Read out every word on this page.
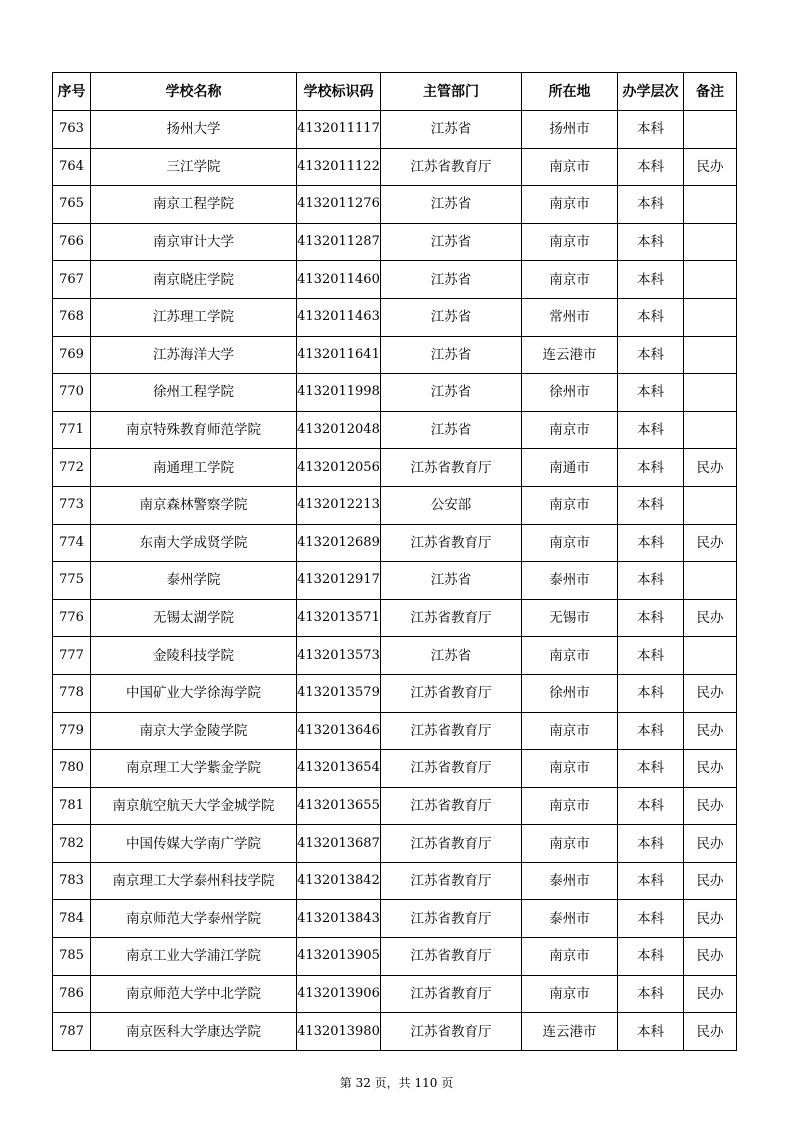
序号	学校名称	学校标识码	主管部门	所在地	办学层次	备注
763	扬州大学	4132011117	江苏省	扬州市	本科	
764	三江学院	4132011122	江苏省教育厅	南京市	本科	民办
765	南京工程学院	4132011276	江苏省	南京市	本科	
766	南京审计大学	4132011287	江苏省	南京市	本科	
767	南京晓庄学院	4132011460	江苏省	南京市	本科	
768	江苏理工学院	4132011463	江苏省	常州市	本科	
769	江苏海洋大学	4132011641	江苏省	连云港市	本科	
770	徐州工程学院	4132011998	江苏省	徐州市	本科	
771	南京特殊教育师范学院	4132012048	江苏省	南京市	本科	
772	南通理工学院	4132012056	江苏省教育厅	南通市	本科	民办
773	南京森林警察学院	4132012213	公安部	南京市	本科	
774	东南大学成贤学院	4132012689	江苏省教育厅	南京市	本科	民办
775	泰州学院	4132012917	江苏省	泰州市	本科	
776	无锡太湖学院	4132013571	江苏省教育厅	无锡市	本科	民办
777	金陵科技学院	4132013573	江苏省	南京市	本科	
778	中国矿业大学徐海学院	4132013579	江苏省教育厅	徐州市	本科	民办
779	南京大学金陵学院	4132013646	江苏省教育厅	南京市	本科	民办
780	南京理工大学紫金学院	4132013654	江苏省教育厅	南京市	本科	民办
781	南京航空航天大学金城学院	4132013655	江苏省教育厅	南京市	本科	民办
782	中国传媒大学南广学院	4132013687	江苏省教育厅	南京市	本科	民办
783	南京理工大学泰州科技学院	4132013842	江苏省教育厅	泰州市	本科	民办
784	南京师范大学泰州学院	4132013843	江苏省教育厅	泰州市	本科	民办
785	南京工业大学浦江学院	4132013905	江苏省教育厅	南京市	本科	民办
786	南京师范大学中北学院	4132013906	江苏省教育厅	南京市	本科	民办
787	南京医科大学康达学院	4132013980	江苏省教育厅	连云港市	本科	民办
第 32 页，共 110 页
